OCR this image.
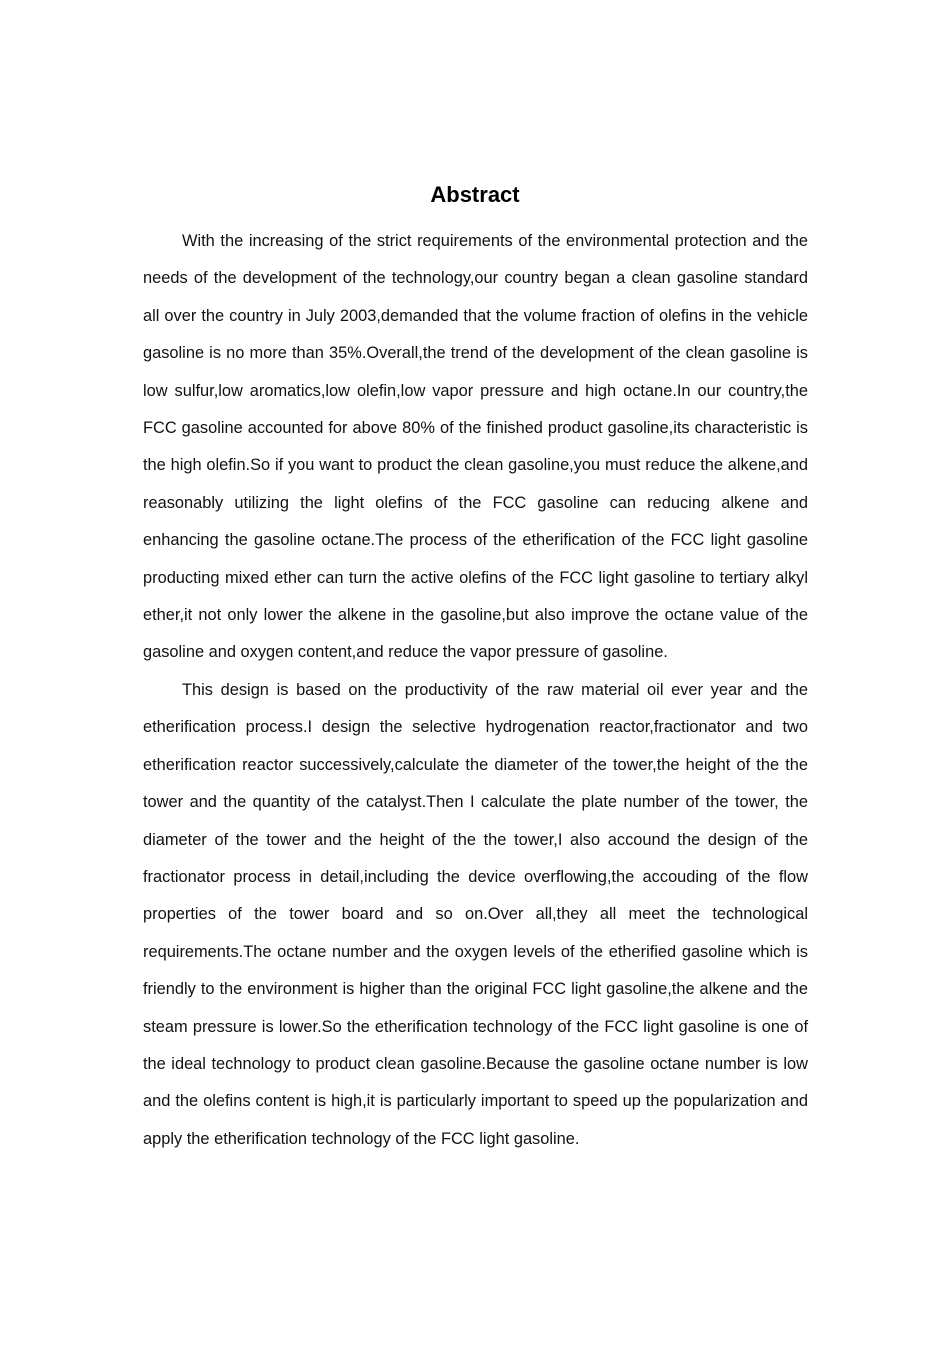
Abstract

With the increasing of the strict requirements of the environmental protection and the needs of the development of the technology,our country began a clean gasoline standard all over the country in July 2003,demanded that the volume fraction of olefins in the vehicle gasoline is no more than 35%.Overall,the trend of the development of the clean gasoline is low sulfur,low aromatics,low olefin,low vapor pressure and high octane.In our country,the FCC gasoline accounted for above 80% of the finished product gasoline,its characteristic is the high olefin.So if you want to product the clean gasoline,you must reduce the alkene,and reasonably utilizing the light olefins of the FCC gasoline can reducing alkene and enhancing the gasoline octane.The process of the etherification of the FCC light gasoline producting mixed ether can turn the active olefins of the FCC light gasoline to tertiary alkyl ether,it not only lower the alkene in the gasoline,but also improve the octane value of the gasoline and oxygen content,and reduce the vapor pressure of gasoline.

This design is based on the productivity of the raw material oil ever year and the etherification process.I design the selective hydrogenation reactor,fractionator and two etherification reactor successively,calculate the diameter of the tower,the height of the the tower and the quantity of the catalyst.Then I calculate the plate number of the tower, the diameter of the tower and the height of the the tower,I also accound the design of the fractionator process in detail,including the device overflowing,the accouding of the flow properties of the tower board and so on.Over all,they all meet the technological requirements.The octane number and the oxygen levels of the etherified gasoline which is friendly to the environment is higher than the original FCC light gasoline,the alkene and the steam pressure is lower.So the etherification technology of the FCC light gasoline is one of the ideal technology to product clean gasoline.Because the gasoline octane number is low and the olefins content is high,it is particularly important to speed up the popularization and apply the etherification technology of the FCC light gasoline.
